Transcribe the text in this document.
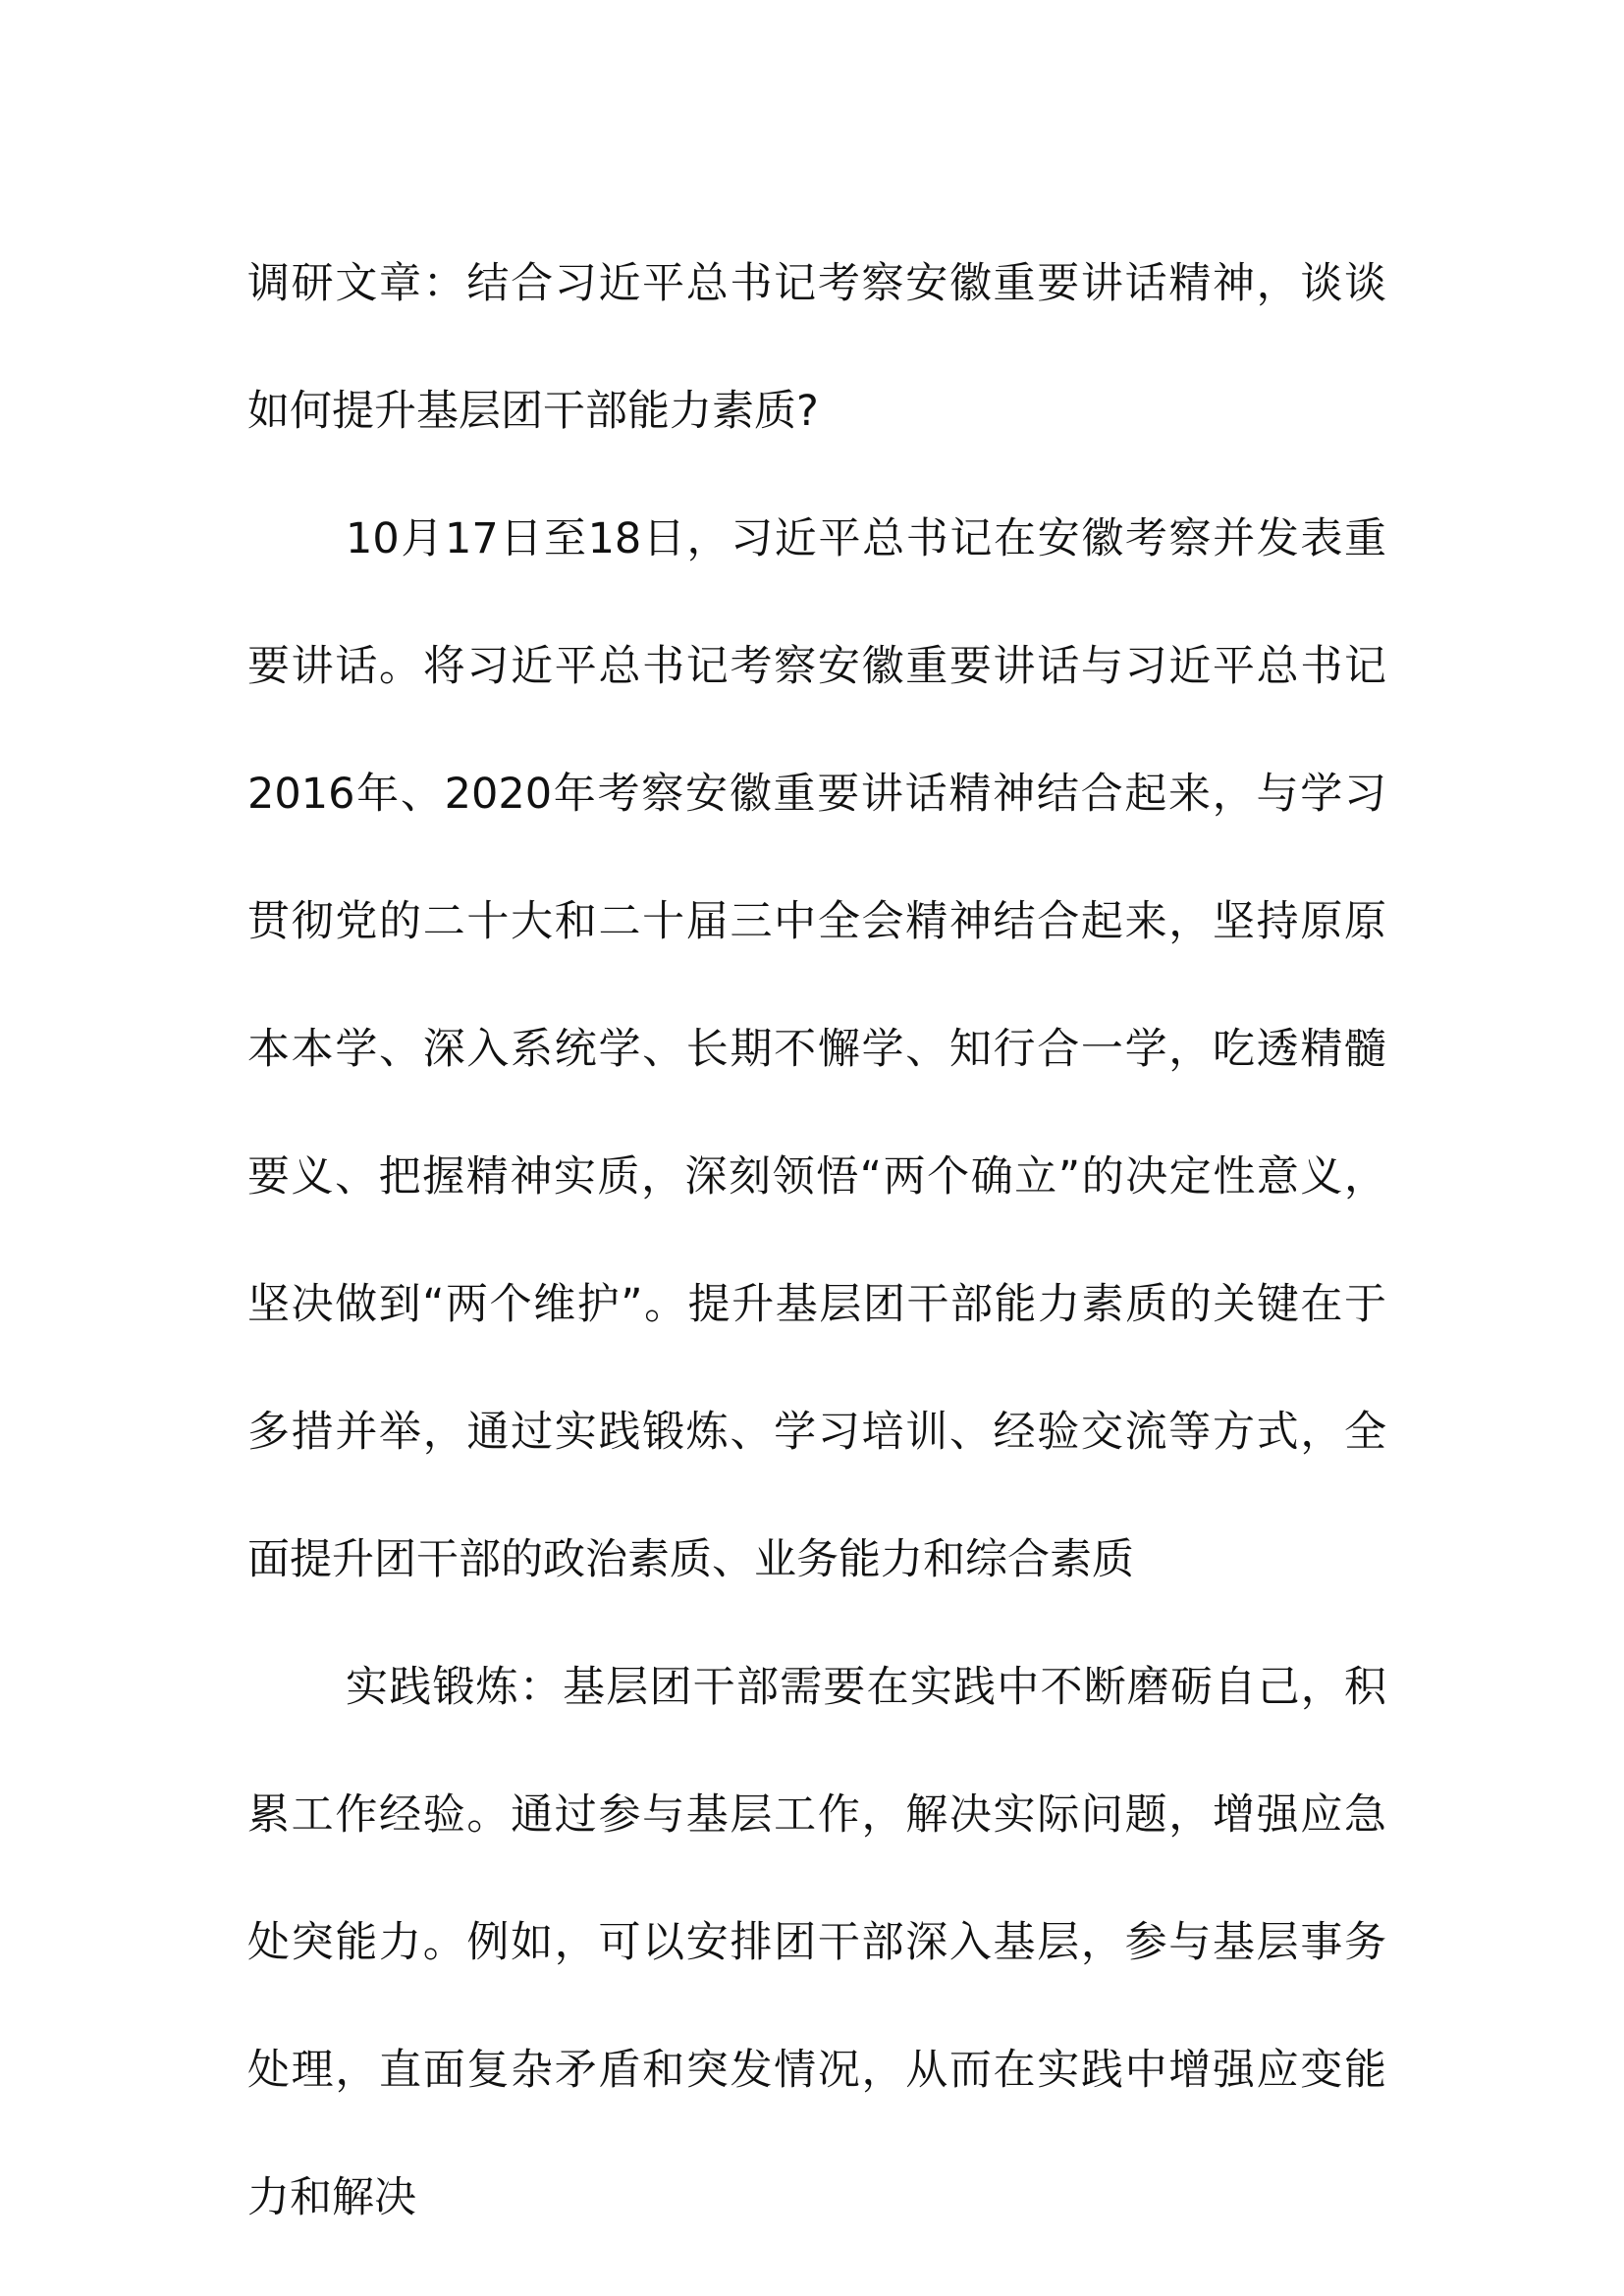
调研文章：结合习近平总书记考察安徽重要讲话精神，谈谈如何提升基层团干部能力素质?

10月17日至18日，习近平总书记在安徽考察并发表重要讲话。将习近平总书记考察安徽重要讲话与习近平总书记2016年、2020年考察安徽重要讲话精神结合起来，与学习贯彻党的二十大和二十届三中全会精神结合起来，坚持原原本本学、深入系统学、长期不懈学、知行合一学，吃透精髓要义、把握精神实质，深刻领悟“两个确立”的决定性意义，坚决做到“两个维护”。提升基层团干部能力素质的关键在于多措并举，通过实践锻炼、学习培训、经验交流等方式，全面提升团干部的政治素质、业务能力和综合素质

实践锻炼：基层团干部需要在实践中不断磨砺自己，积累工作经验。通过参与基层工作，解决实际问题，增强应急处突能力。例如，可以安排团干部深入基层，参与基层事务处理，直面复杂矛盾和突发情况，从而在实践中增强应变能力和解决
